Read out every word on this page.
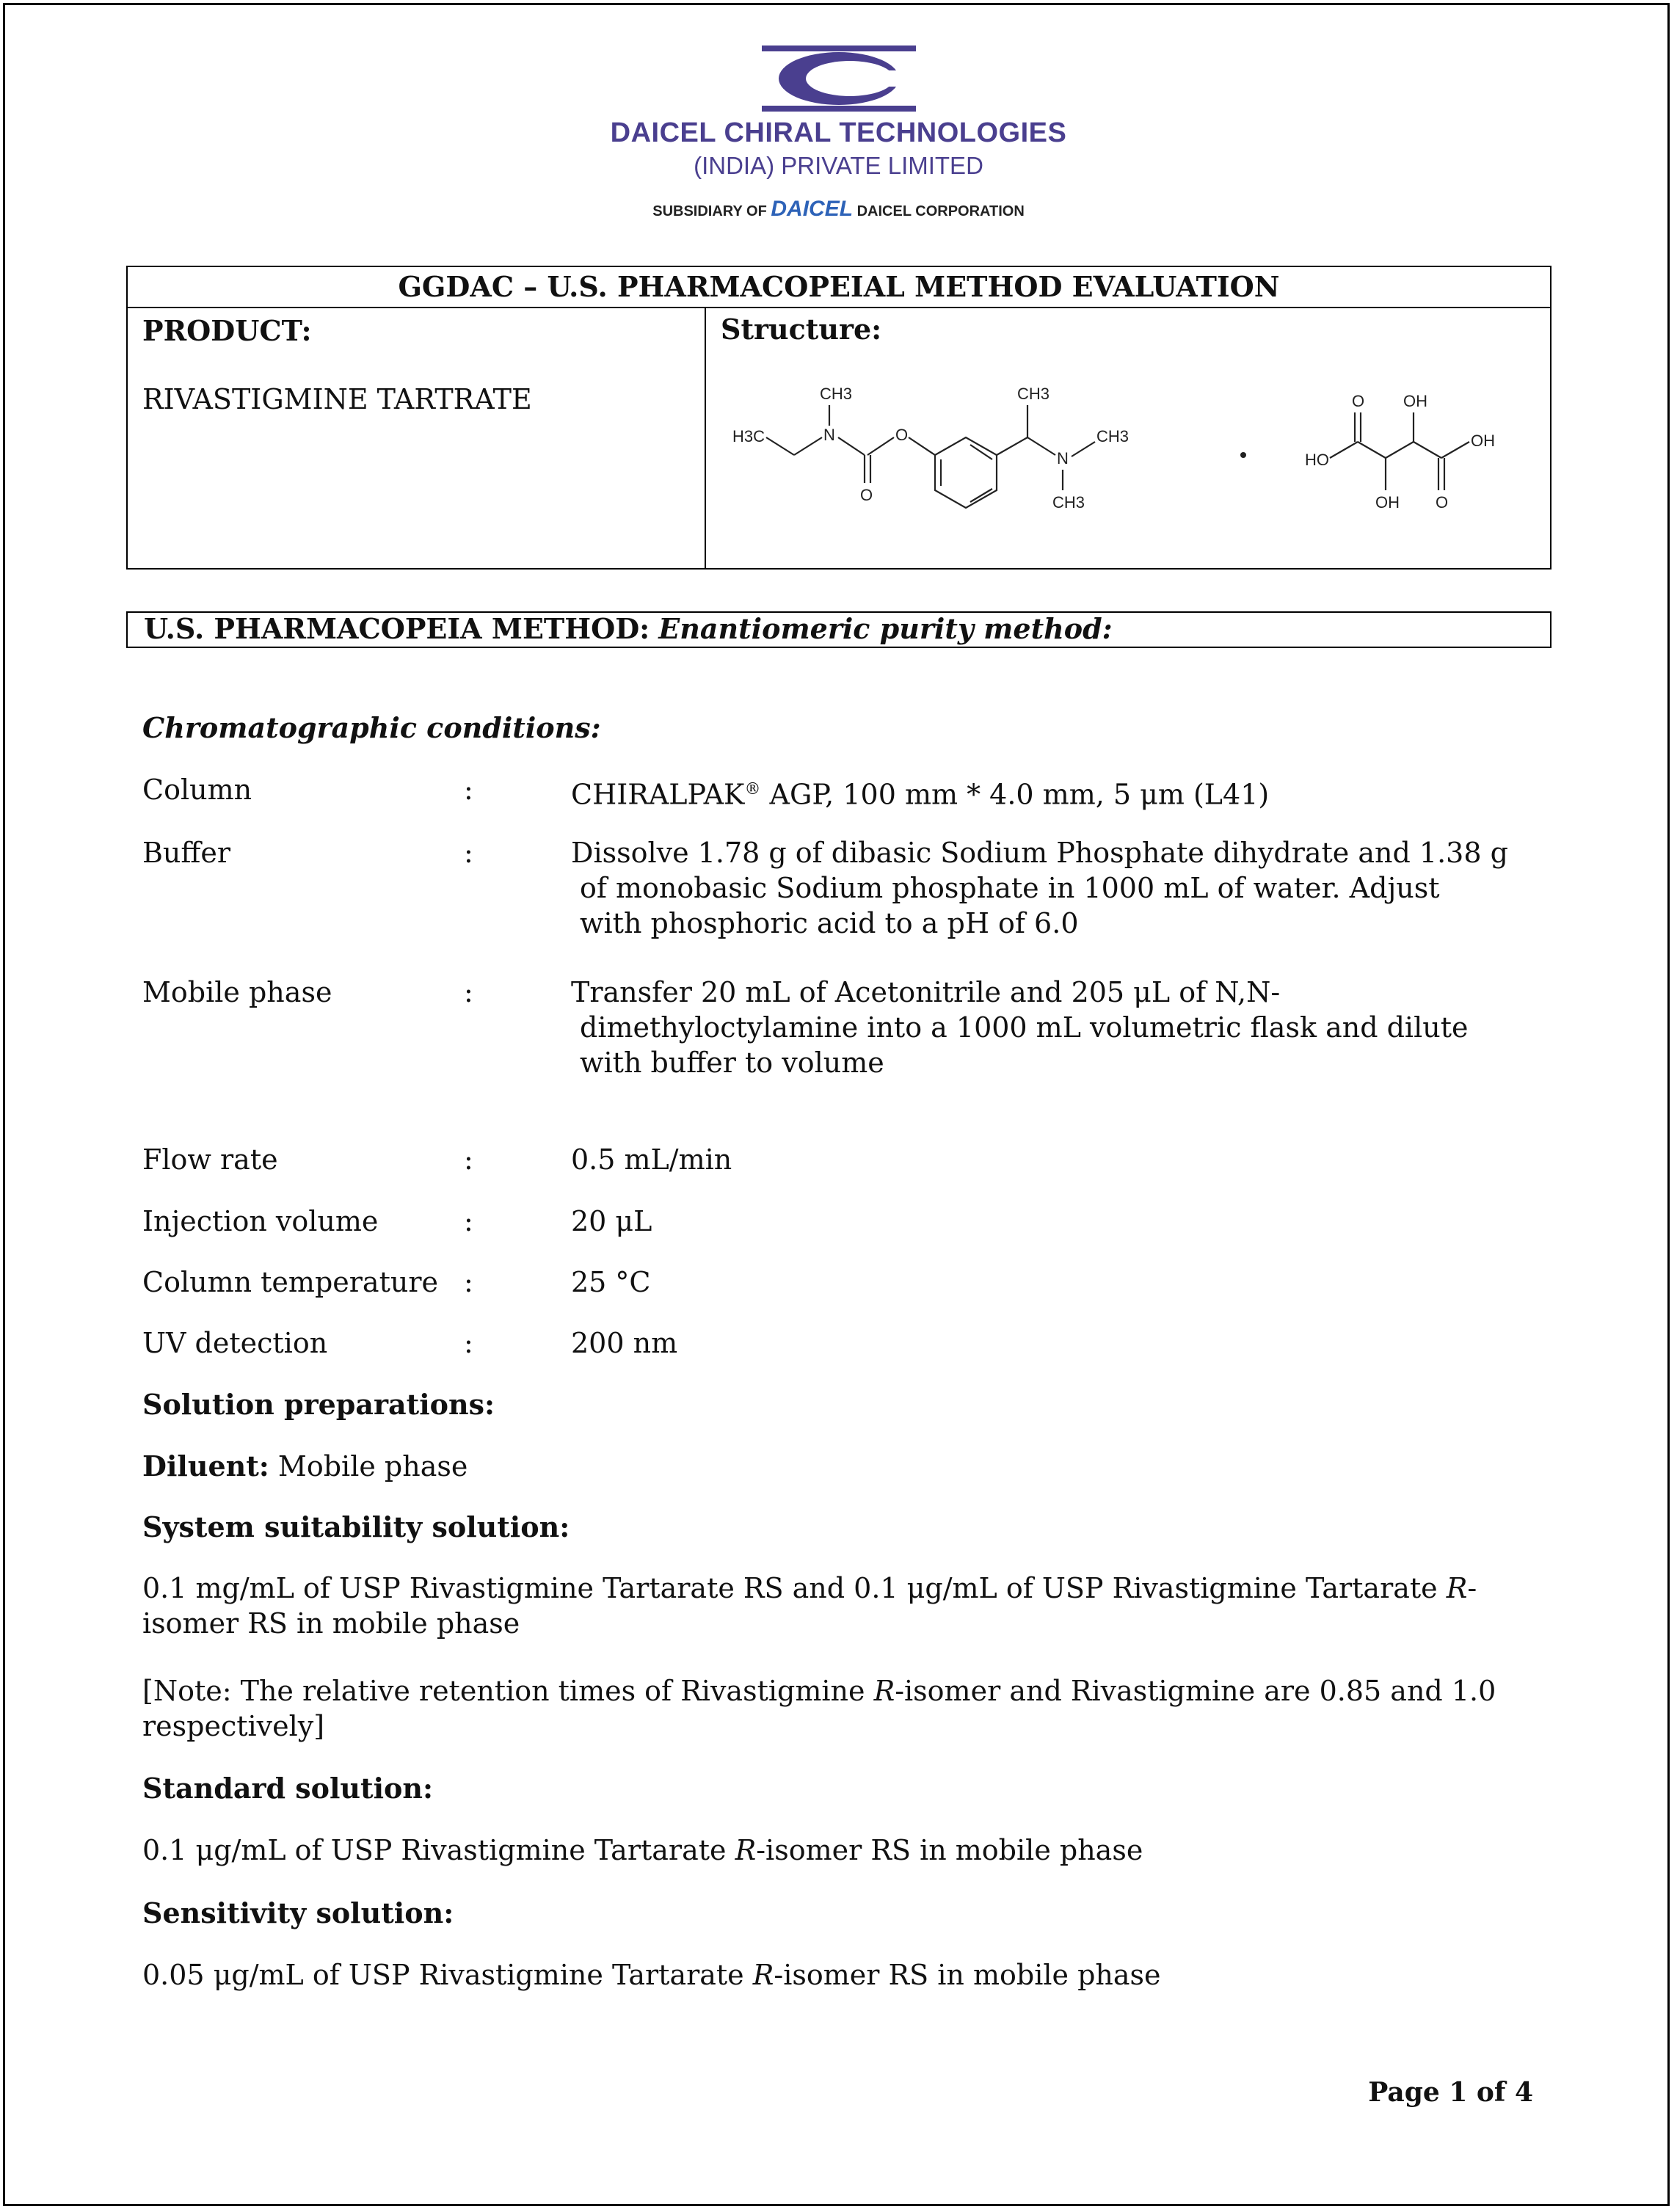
DAICEL CHIRAL TECHNOLOGIES
(INDIA) PRIVATE LIMITED
SUBSIDIARY OF DAICEL DAICEL CORPORATION
GGDAC – U.S. PHARMACOPEIAL METHOD EVALUATION

PRODUCT:
RIVASTIGMINE TARTRATE

Structure:
H3C	N
CH3
O
O
CH3
N
CH3
CH3
HO
O
OH
OH
O
OH
U.S. PHARMACOPEIA METHOD: Enantiomeric purity method:
Chromatographic conditions:
Column	:	CHIRALPAK® AGP, 100 mm * 4.0 mm, 5 μm (L41)
Buffer	:	Dissolve 1.78 g of dibasic Sodium Phosphate dihydrate and 1.38 g
of monobasic Sodium phosphate in 1000 mL of water. Adjust
with phosphoric acid to a pH of 6.0
Mobile phase	:	Transfer 20 mL of Acetonitrile and 205 μL of N,N-
dimethyloctylamine into a 1000 mL volumetric flask and dilute
with buffer to volume
Flow rate	:	0.5 mL/min
Injection volume	:	20 μL
Column temperature :	25 °C
UV detection	:	200 nm
Solution preparations:
Diluent: Mobile phase
System suitability solution:
0.1 mg/mL of USP Rivastigmine Tartarate RS and 0.1 μg/mL of USP Rivastigmine Tartarate R-
isomer RS in mobile phase
[Note: The relative retention times of Rivastigmine R-isomer and Rivastigmine are 0.85 and 1.0
respectively]
Standard solution:
0.1 μg/mL of USP Rivastigmine Tartarate R-isomer RS in mobile phase
Sensitivity solution:
0.05 μg/mL of USP Rivastigmine Tartarate R-isomer RS in mobile phase
Page 1 of 4
